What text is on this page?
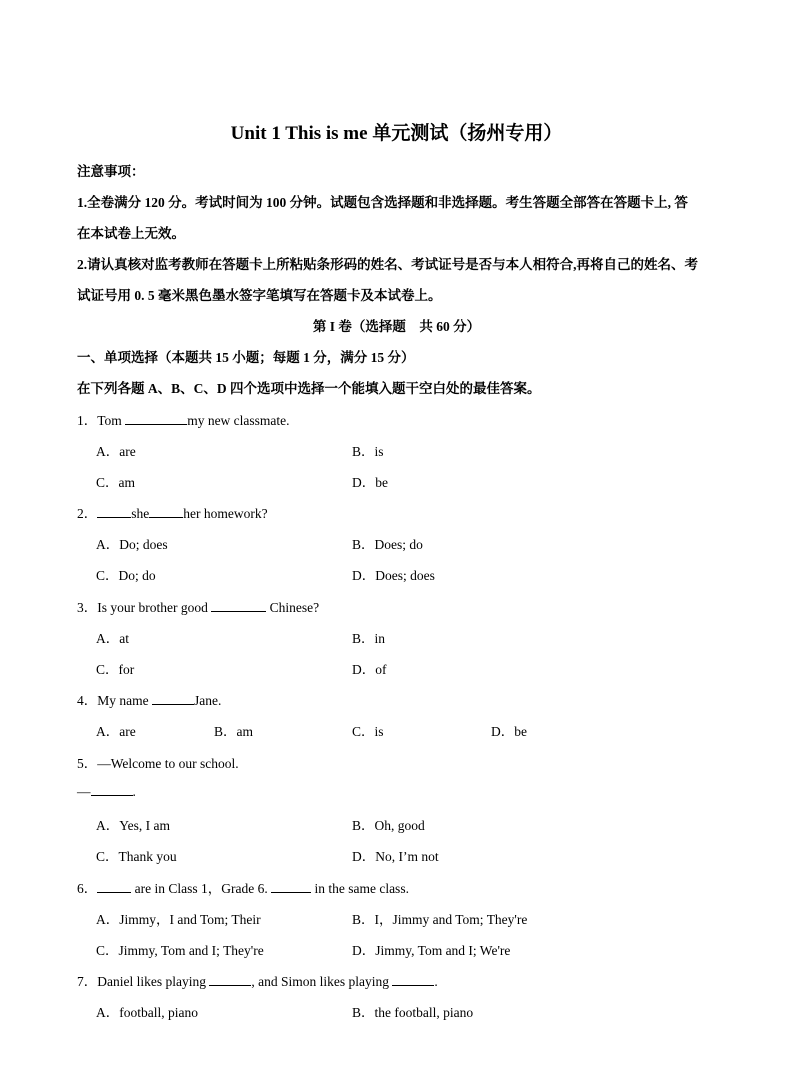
Unit 1 This is me 单元测试（扬州专用）
注意事项：
1.全卷满分 120 分。考试时间为 100 分钟。试题包含选择题和非选择题。考生答题全部答在答题卡上, 答
在本试卷上无效。
2.请认真核对监考教师在答题卡上所粘贴条形码的姓名、考试证号是否与本人相符合,再将自己的姓名、考
试证号用 0. 5 毫米黑色墨水签字笔填写在答题卡及本试卷上。
第 I 卷（选择题　共 60 分）
一、单项选择（本题共 15 小题；每题 1 分，满分 15 分）
在下列各题 A、B、C、D 四个选项中选择一个能填入题干空白处的最佳答案。
1．Tom	my new classmate.
A．are	B．is
C．am	D．be
2．	she	her homework?
A．Do; does	B．Does; do
C．Do; do	D．Does; does
3．Is your brother good	Chinese?
A．at	B．in
C．for	D．of
4．My name	Jane.
A．are	B．am	C．is	D．be
5．—Welcome to our school.
—	.
A．Yes, I am	B．Oh, good
C．Thank you	D．No, I’m not
6．	are in Class 1，Grade 6.	in the same class.
A．Jimmy，I and Tom; Their	B．I，Jimmy and Tom; They're
C．Jimmy, Tom and I; They're	D．Jimmy, Tom and I; We're
7．Daniel likes playing	, and Simon likes playing	.
A．football, piano	B．the football, piano
